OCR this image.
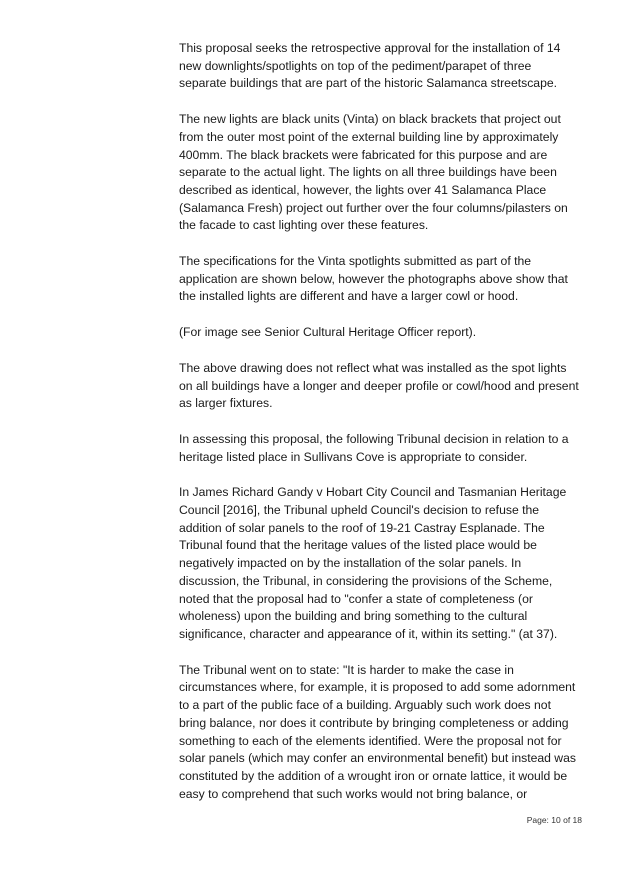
This proposal seeks the retrospective approval for the installation of 14
new downlights/spotlights on top of the pediment/parapet of three
separate buildings that are part of the historic Salamanca streetscape.

The new lights are black units (Vinta) on black brackets that project out
from the outer most point of the external building line by approximately
400mm. The black brackets were fabricated for this purpose and are
separate to the actual light. The lights on all three buildings have been
described as identical, however, the lights over 41 Salamanca Place
(Salamanca Fresh) project out further over the four columns/pilasters on
the facade to cast lighting over these features.

The specifications for the Vinta spotlights submitted as part of the
application are shown below, however the photographs above show that
the installed lights are different and have a larger cowl or hood.

(For image see Senior Cultural Heritage Officer report).

The above drawing does not reflect what was installed as the spot lights
on all buildings have a longer and deeper profile or cowl/hood and present
as larger fixtures.

In assessing this proposal, the following Tribunal decision in relation to a
heritage listed place in Sullivans Cove is appropriate to consider.

In James Richard Gandy v Hobart City Council and Tasmanian Heritage
Council [2016], the Tribunal upheld Council's decision to refuse the
addition of solar panels to the roof of 19-21 Castray Esplanade. The
Tribunal found that the heritage values of the listed place would be
negatively impacted on by the installation of the solar panels. In
discussion, the Tribunal, in considering the provisions of the Scheme,
noted that the proposal had to "confer a state of completeness (or
wholeness) upon the building and bring something to the cultural
significance, character and appearance of it, within its setting." (at 37).

The Tribunal went on to state: "It is harder to make the case in
circumstances where, for example, it is proposed to add some adornment
to a part of the public face of a building. Arguably such work does not
bring balance, nor does it contribute by bringing completeness or adding
something to each of the elements identified. Were the proposal not for
solar panels (which may confer an environmental benefit) but instead was
constituted by the addition of a wrought iron or ornate lattice, it would be
easy to comprehend that such works would not bring balance, or

Page: 10 of 18
